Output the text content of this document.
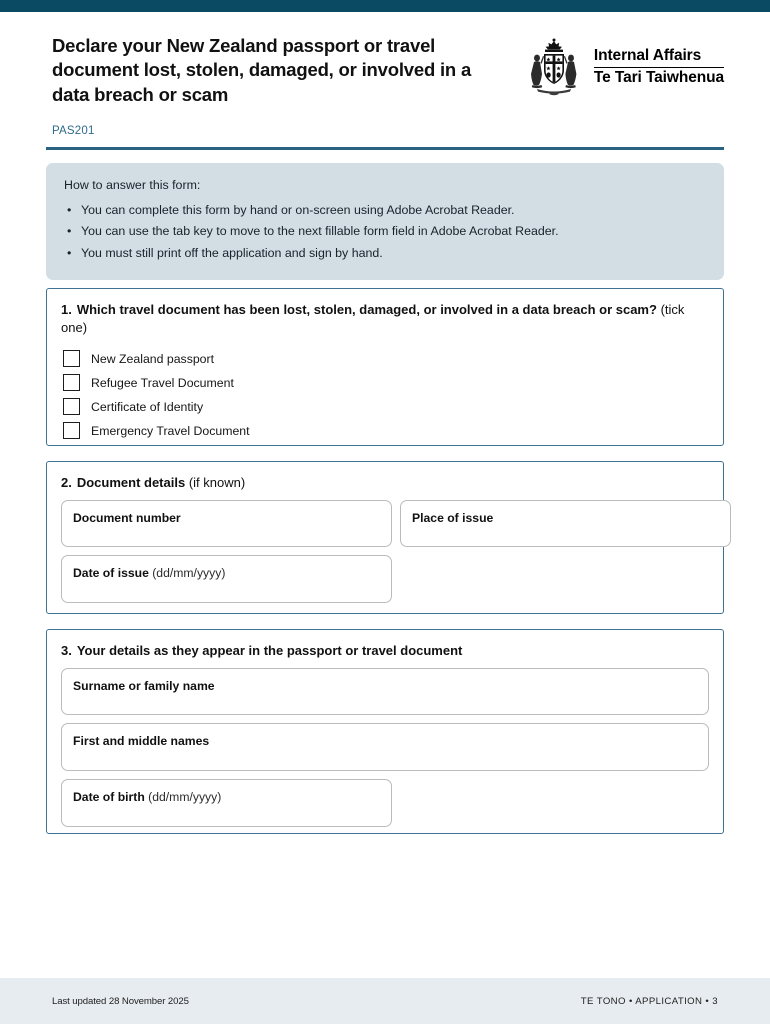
Declare your New Zealand passport or travel document lost, stolen, damaged, or involved in a data breach or scam
PAS201
Internal Affairs
Te Tari Taiwhenua
How to answer this form:
• You can complete this form by hand or on-screen using Adobe Acrobat Reader.
• You can use the tab key to move to the next fillable form field in Adobe Acrobat Reader.
• You must still print off the application and sign by hand.
1. Which travel document has been lost, stolen, damaged, or involved in a data breach or scam? (tick one)
New Zealand passport
Refugee Travel Document
Certificate of Identity
Emergency Travel Document
2. Document details (if known)
Document number	Place of issue
Date of issue (dd/mm/yyyy)
3. Your details as they appear in the passport or travel document
Surname or family name
First and middle names
Date of birth (dd/mm/yyyy)
Last updated 28 November 2025	TE TONO • APPLICATION • 3
